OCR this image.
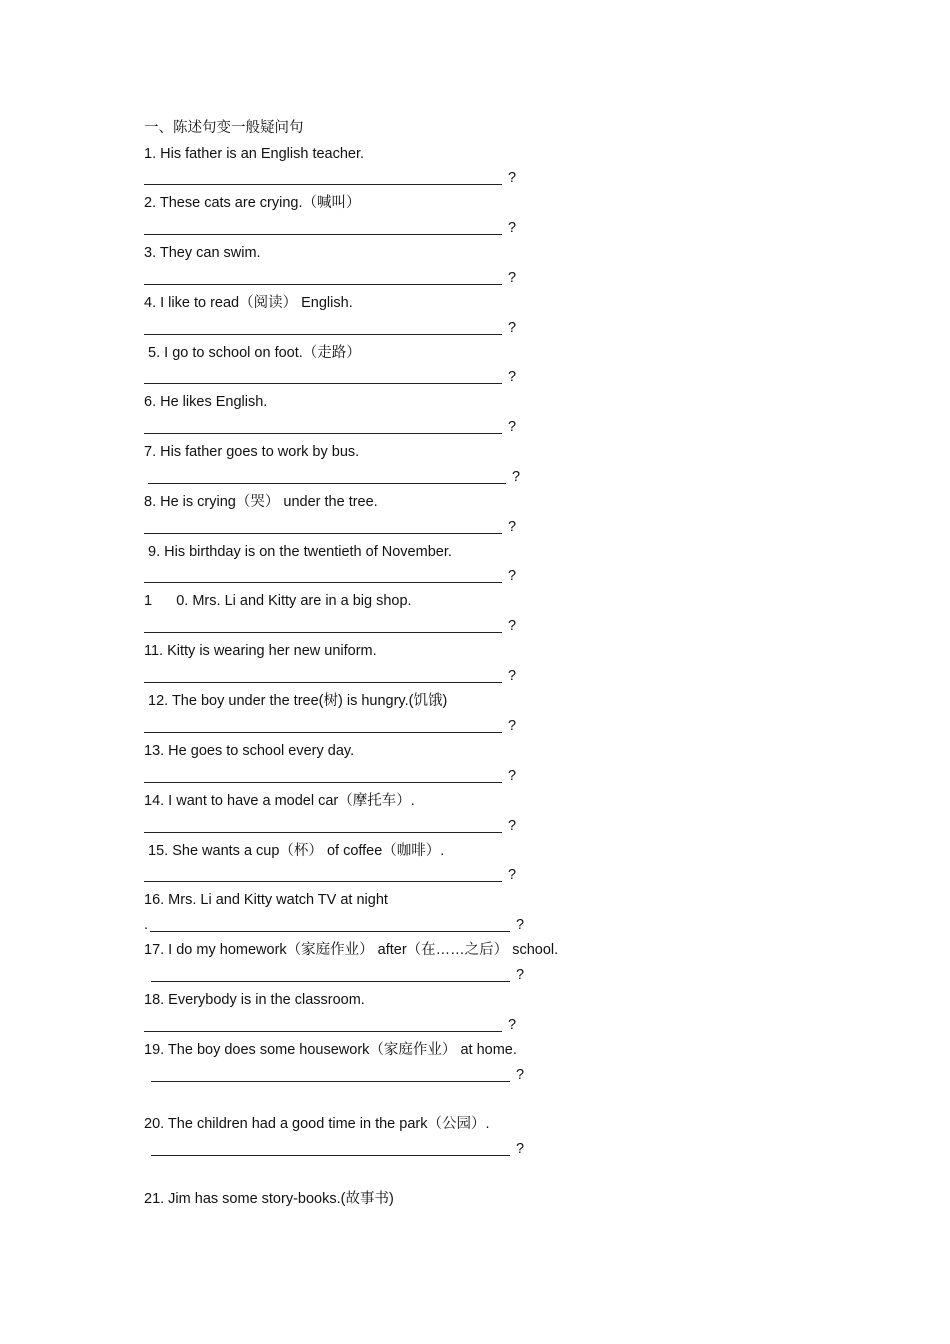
一、陈述句变一般疑问句
1. His father is an English teacher.
?
2. These cats are crying.（喊叫）
?
3. They can swim.
?
4. I like to read（阅读） English.
?
5. I go to school on foot.（走路）
?
6. He likes English.
?
7. His father goes to work by bus.
?
8. He is crying（哭） under the tree.
?
9. His birthday is on the twentieth of November.
?
1      0. Mrs. Li and Kitty are in a big shop.
?
11. Kitty is wearing her new uniform.
?
12. The boy under the tree(树) is hungry.(饥饿)
?
13. He goes to school every day.
?
14. I want to have a model car（摩托车）.
?
15. She wants a cup（杯） of coffee（咖啡）.
?
16. Mrs. Li and Kitty watch TV at night
.	?
17. I do my homework（家庭作业） after（在……之后） school.
?
18. Everybody is in the classroom.
?
19. The boy does some housework（家庭作业） at home.
?
20. The children had a good time in the park（公园）.
?
21. Jim has some story-books.(故事书)
